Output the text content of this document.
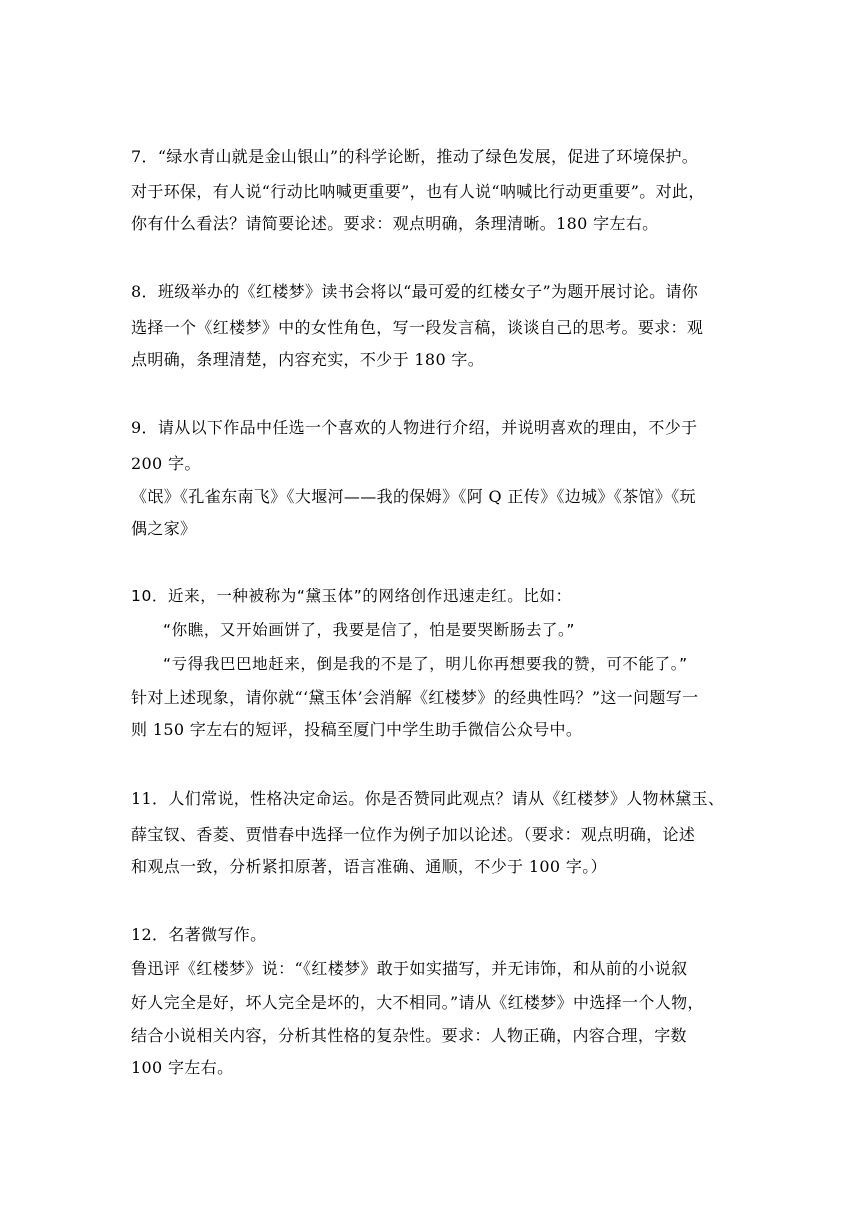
7．“绿水青山就是金山银山”的科学论断，推动了绿色发展，促进了环境保护。
对于环保，有人说“行动比呐喊更重要”，也有人说“呐喊比行动更重要”。对此，
你有什么看法？请简要论述。要求：观点明确，条理清晰。180 字左右。
8．班级举办的《红楼梦》读书会将以“最可爱的红楼女子”为题开展讨论。请你
选择一个《红楼梦》中的女性角色，写一段发言稿，谈谈自己的思考。要求：观
点明确，条理清楚，内容充实，不少于 180 字。
9．请从以下作品中任选一个喜欢的人物进行介绍，并说明喜欢的理由，不少于
200 字。
《氓》《孔雀东南飞》《大堰河——我的保姆》《阿 Q 正传》《边城》《茶馆》《玩
偶之家》
10．近来，一种被称为“黛玉体”的网络创作迅速走红。比如：
“你瞧，又开始画饼了，我要是信了，怕是要哭断肠去了。”
“亏得我巴巴地赶来，倒是我的不是了，明儿你再想要我的赞，可不能了。”
针对上述现象，请你就“‘黛玉体’会消解《红楼梦》的经典性吗？”这一问题写一
则 150 字左右的短评，投稿至厦门中学生助手微信公众号中。
11．人们常说，性格决定命运。你是否赞同此观点？请从《红楼梦》人物林黛玉、
薛宝钗、香菱、贾惜春中选择一位作为例子加以论述。（要求：观点明确，论述
和观点一致，分析紧扣原著，语言准确、通顺，不少于 100 字。）
12．名著微写作。
鲁迅评《红楼梦》说：“《红楼梦》敢于如实描写，并无讳饰，和从前的小说叙
好人完全是好，坏人完全是坏的，大不相同。”请从《红楼梦》中选择一个人物，
结合小说相关内容，分析其性格的复杂性。要求：人物正确，内容合理，字数
100 字左右。
